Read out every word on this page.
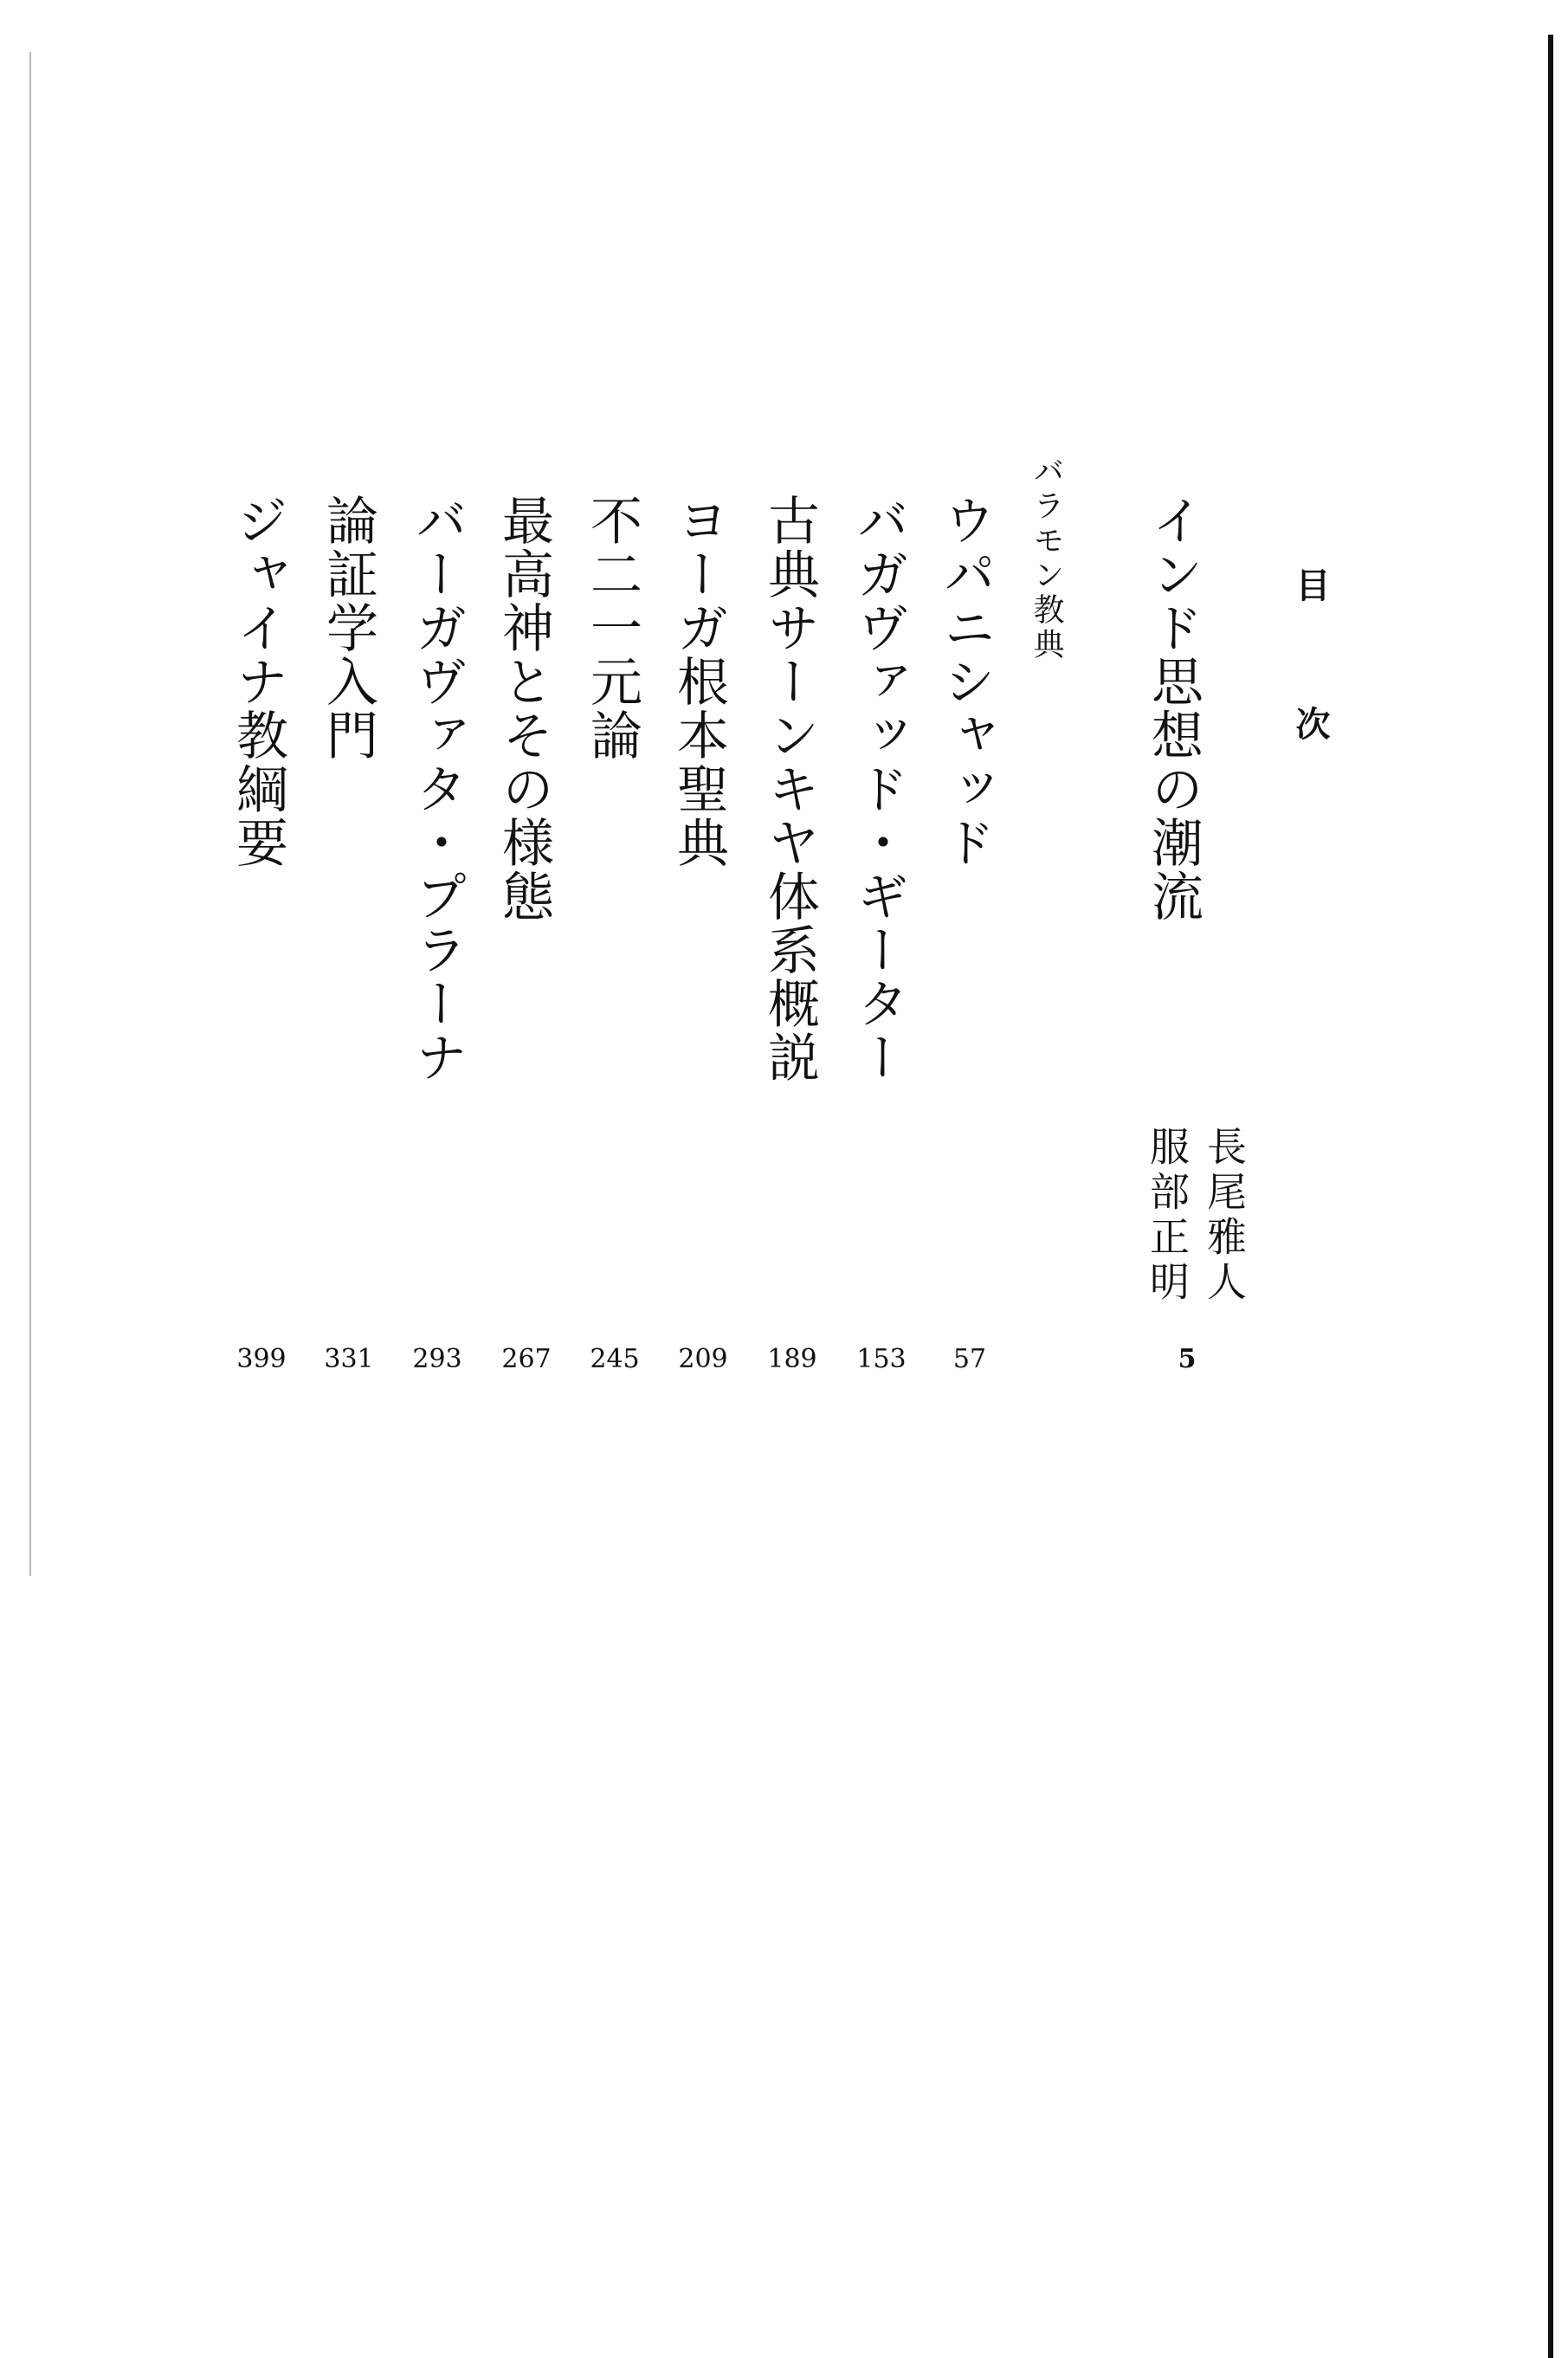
目　次
インド思想の潮流
長尾雅人
服部正明
5
バラモン教典
ウパニシャッド
57
バガヴァッド・ギーター
153
古典サーンキヤ体系概説
189
ヨーガ根本聖典
209
不二一元論
245
最高神とその様態
267
バーガヴァタ・プラーナ
293
論証学入門
331
ジャイナ教綱要
399
